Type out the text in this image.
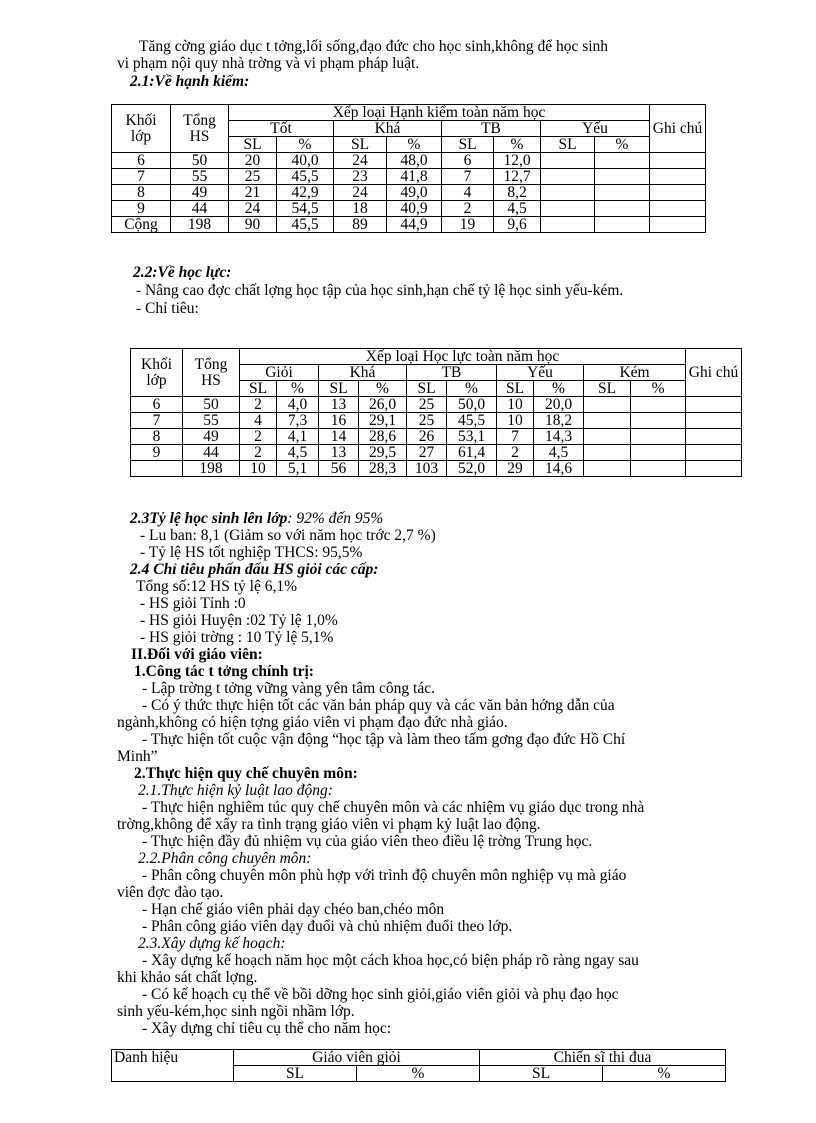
Tăng cờng giáo dục t tởng,lối sống,đạo đức cho học sinh,không để học sinh
vi phạm nội quy nhà trờng và vi phạm pháp luật.
2.1:Về hạnh kiểm:
Khối lớp	Tổng HS	Xếp loại Hạnh kiểm toàn năm học								Ghi chú
		Tốt		Khá		TB		Yếu		
		SL	%	SL	%	SL	%	SL	%	
6	50	20	40,0	24	48,0	6	12,0			
7	55	25	45,5	23	41,8	7	12,7			
8	49	21	42,9	24	49,0	4	8,2			
9	44	24	54,5	18	40,9	2	4,5			
Cộng	198	90	45,5	89	44,9	19	9,6			
2.2:Về học lực:
- Nâng cao đợc chất lợng học tập của học sinh,hạn chế tỷ lệ học sinh yếu-kém.
- Chỉ tiêu:
Khối lớp	Tổng HS	Xếp loại Học lực toàn năm học										Ghi chú
		Giỏi		Khá		TB		Yếu		Kém		
		SL	%	SL	%	SL	%	SL	%	SL	%	
6	50	2	4,0	13	26,0	25	50,0	10	20,0			
7	55	4	7,3	16	29,1	25	45,5	10	18,2			
8	49	2	4,1	14	28,6	26	53,1	7	14,3			
9	44	2	4,5	13	29,5	27	61,4	2	4,5			
	198	10	5,1	56	28,3	103	52,0	29	14,6			
2.3Tỷ lệ học sinh lên lớp: 92% đến 95%
- Lu ban: 8,1 (Giảm so với năm học trớc 2,7 %)
- Tỷ lệ HS tốt nghiệp THCS: 95,5%
2.4 Chỉ tiêu phấn đấu HS giỏi các cấp:
Tổng số:12 HS tỷ lệ 6,1%
- HS giỏi Tỉnh :0
- HS giỏi Huyện :02 Tỷ lệ 1,0%
- HS giỏi trờng : 10 Tỷ lệ 5,1%
II.Đối với giáo viên:
1.Công tác t tởng chính trị:
- Lập trờng t tởng vững vàng yên tâm công tác.
- Có ý thức thực hiện tốt các văn bản pháp quy và các văn bản hớng dẫn của
ngành,không có hiện tợng giáo viên vi phạm đạo đức nhà giáo.
- Thực hiện tốt cuộc vận động “học tập và làm theo tấm gơng đạo đức Hồ Chí
Minh”
2.Thực hiện quy chế chuyên môn:
2.1.Thực hiện kỷ luật lao động:
- Thực hiện nghiêm túc quy chế chuyên môn và các nhiệm vụ giáo dục trong nhà
trờng,không để xẩy ra tình trạng giáo viên vi phạm kỷ luật lao động.
- Thực hiện đầy đủ nhiệm vụ của giáo viên theo điều lệ trờng Trung học.
2.2.Phân công chuyên môn:
- Phân công chuyên môn phù hợp với trình độ chuyên môn nghiệp vụ mà giáo
viên đợc đào tạo.
- Hạn chế giáo viên phải dạy chéo ban,chéo môn
- Phân công giáo viên dạy đuổi và chủ nhiệm đuổi theo lớp.
2.3.Xây dựng kế hoạch:
- Xây dựng kế hoạch năm học một cách khoa học,có biện pháp rõ ràng ngay sau
khi khảo sát chất lợng.
- Có kế hoạch cụ thể về bồi dỡng học sinh giỏi,giáo viên giỏi và phụ đạo học
sinh yếu-kém,học sinh ngồi nhầm lớp.
- Xây dựng chỉ tiêu cụ thể cho năm học:
Danh hiệu	Giáo viên giỏi		Chiến sĩ thi đua	
	SL	%	SL	%
